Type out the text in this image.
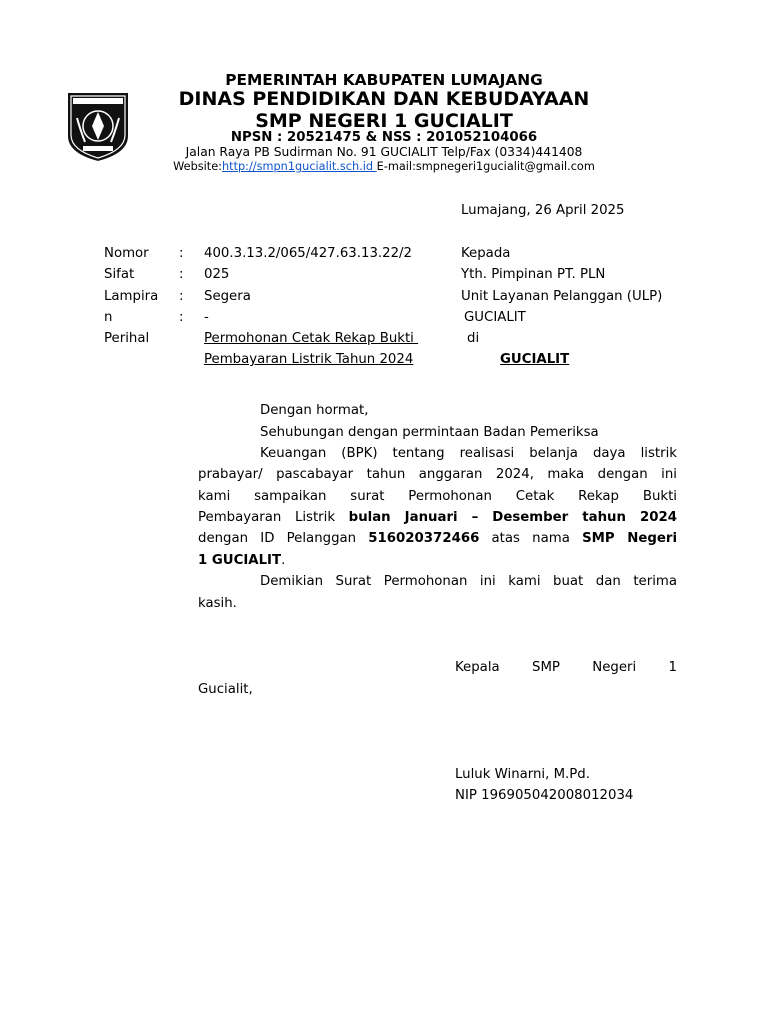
PEMERINTAH KABUPATEN LUMAJANG
DINAS PENDIDIKAN DAN KEBUDAYAAN
SMP NEGERI 1 GUCIALIT
NPSN : 20521475 & NSS : 201052104066
Jalan Raya PB Sudirman No. 91 GUCIALIT Telp/Fax (0334)441408
Website:http://smpn1gucialit.sch.id E-mail:smpnegeri1gucialit@gmail.com
Lumajang, 26 April 2025
Nomor
Sifat
Lampira
n
Perihal
:
:
:
:
400.3.13.2/065/427.63.13.22/2
025
Segera
-
Permohonan Cetak Rekap Bukti
Pembayaran Listrik Tahun 2024
Kepada
Yth. Pimpinan PT. PLN
Unit Layanan Pelanggan (ULP)
GUCIALIT
di
GUCIALIT
Dengan hormat,
Sehubungan dengan permintaan Badan Pemeriksa
Keuangan (BPK) tentang realisasi belanja daya listrik
prabayar/ pascabayar tahun anggaran 2024, maka dengan ini
kami sampaikan surat Permohonan Cetak Rekap Bukti
Pembayaran Listrik bulan Januari – Desember tahun 2024
dengan ID Pelanggan 516020372466 atas nama SMP Negeri
1 GUCIALIT.
Demikian Surat Permohonan ini kami buat dan terima
kasih.
Kepala SMP Negeri 1
Gucialit,
Luluk Winarni, M.Pd.
NIP 196905042008012034
